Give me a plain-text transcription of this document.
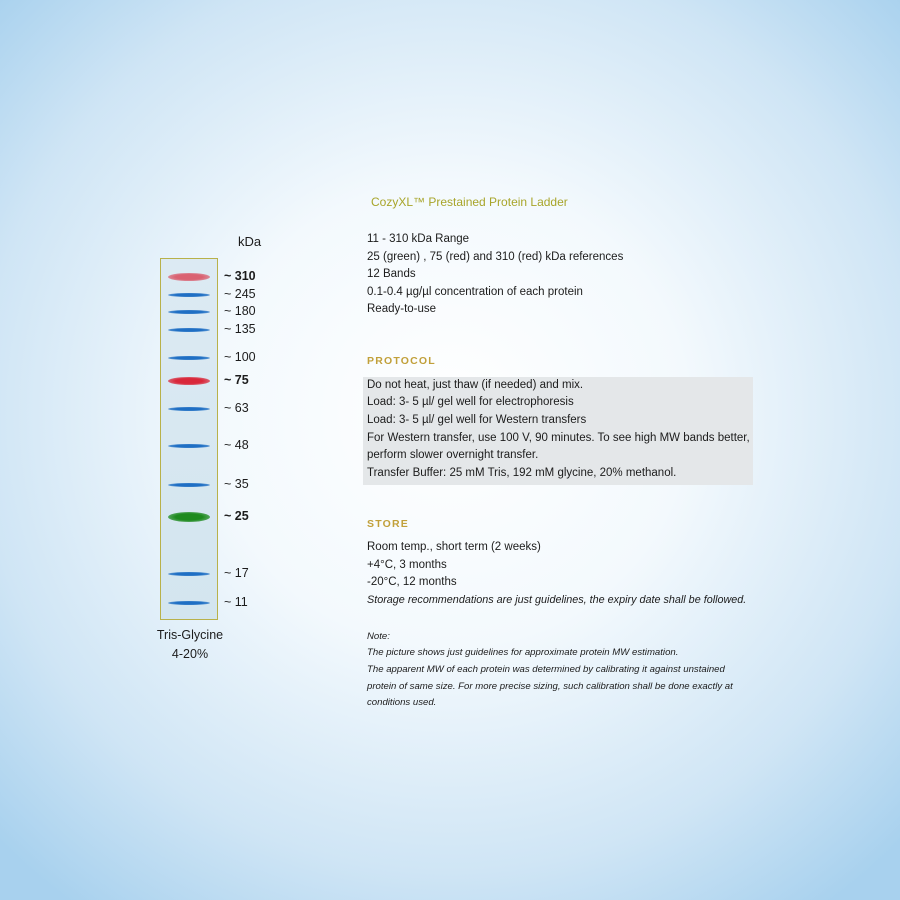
kDa
~ 310
~ 245
~ 180
~ 135
~ 100
~ 75
~ 63
~ 48
~ 35
~ 25
~ 17
~ 11
Tris-Glycine
4-20%
CozyXL™ Prestained Protein Ladder
11 - 310 kDa Range
25 (green) , 75 (red) and 310 (red) kDa references
12 Bands
0.1-0.4 µg/µl concentration of each protein
Ready-to-use
PROTOCOL
Do not heat, just thaw (if needed) and mix.
Load: 3- 5 µl/ gel well for electrophoresis
Load: 3- 5 µl/ gel well for Western transfers
For Western transfer, use 100 V, 90 minutes. To see high MW bands better,
perform slower overnight transfer.
Transfer Buffer: 25 mM Tris, 192 mM glycine, 20% methanol.
STORE
Room temp., short term (2 weeks)
+4°C, 3 months
-20°C, 12 months
Storage recommendations are just guidelines, the expiry date shall be followed.
Note:
The picture shows just guidelines for approximate protein MW estimation.
The apparent MW of each protein was determined by calibrating it against unstained
protein of same size. For more precise sizing, such calibration shall be done exactly at
conditions used.
